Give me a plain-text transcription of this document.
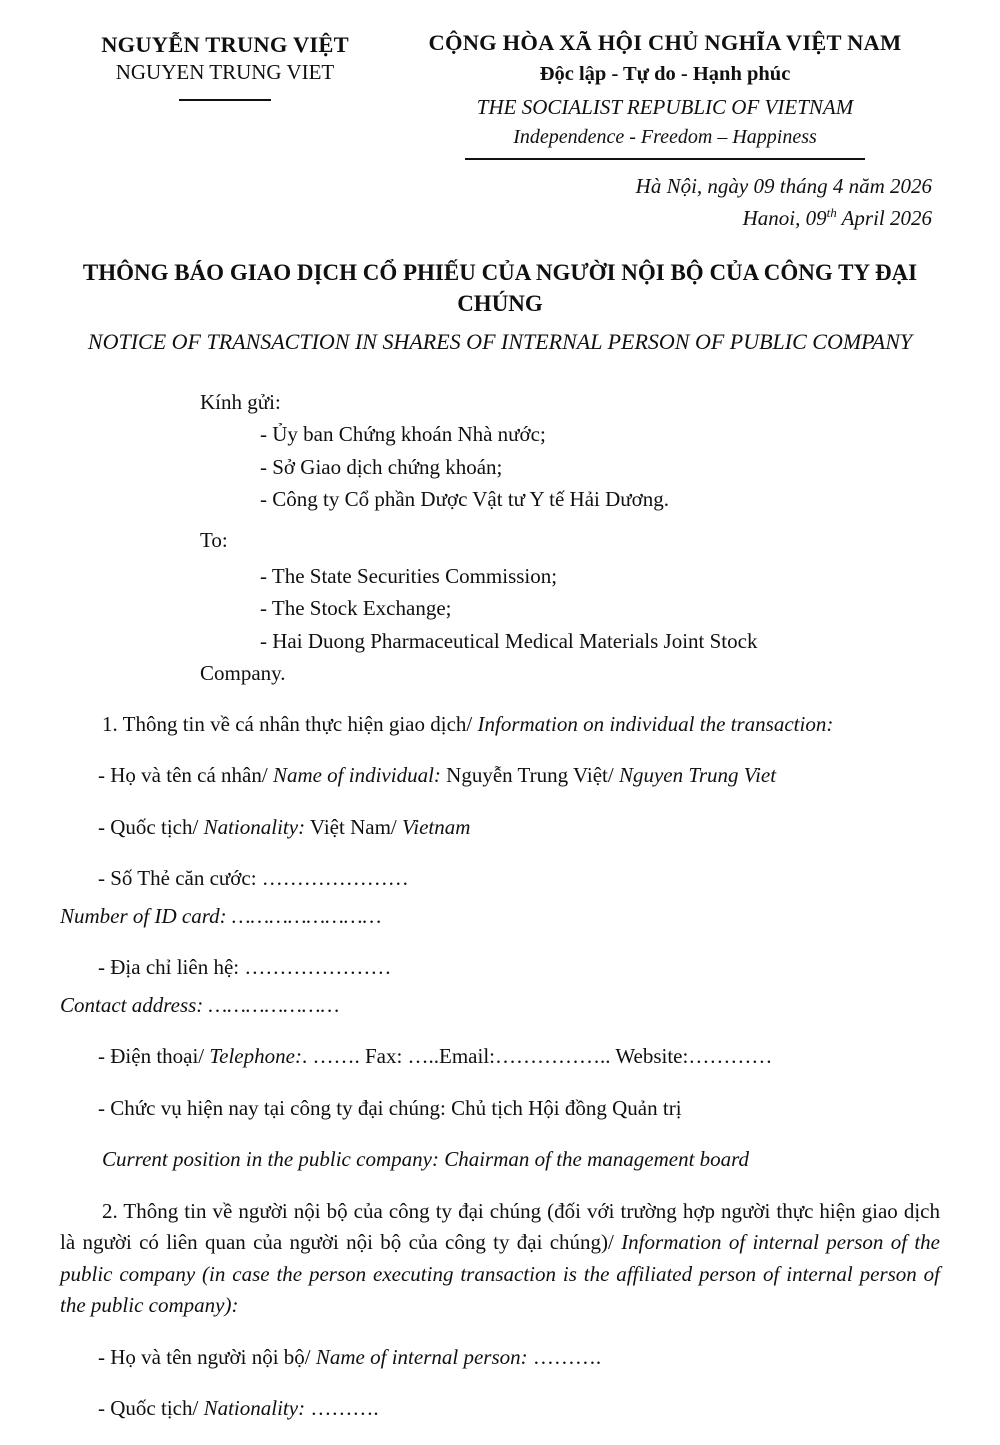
NGUYỄN TRUNG VIỆT
NGUYEN TRUNG VIET
CỘNG HÒA XÃ HỘI CHỦ NGHĨA VIỆT NAM
Độc lập - Tự do - Hạnh phúc
THE SOCIALIST REPUBLIC OF VIETNAM
Independence - Freedom – Happiness
Hà Nội, ngày 09 tháng 4 năm 2026
Hanoi, 09th April 2026
THÔNG BÁO GIAO DỊCH CỔ PHIẾU CỦA NGƯỜI NỘI BỘ CỦA CÔNG TY ĐẠI CHÚNG
NOTICE OF TRANSACTION IN SHARES OF INTERNAL PERSON OF PUBLIC COMPANY
Kính gửi:
- Ủy ban Chứng khoán Nhà nước;
- Sở Giao dịch chứng khoán;
- Công ty Cổ phần Dược Vật tư Y tế Hải Dương.
To:
- The State Securities Commission;
- The Stock Exchange;
- Hai Duong Pharmaceutical Medical Materials Joint Stock
Company.
1. Thông tin về cá nhân thực hiện giao dịch/ Information on individual the transaction:
- Họ và tên cá nhân/ Name of individual: Nguyễn Trung Việt/ Nguyen Trung Viet
- Quốc tịch/ Nationality: Việt Nam/ Vietnam
- Số Thẻ căn cước: …………………
Number of ID card: ……………………
- Địa chỉ liên hệ: …………………
Contact address: …………………
- Điện thoại/ Telephone:. ……. Fax: …..Email:…………….. Website:…………
- Chức vụ hiện nay tại công ty đại chúng: Chủ tịch Hội đồng Quản trị
Current position in the public company: Chairman of the management board
2. Thông tin về người nội bộ của công ty đại chúng (đối với trường hợp người thực hiện giao dịch là người có liên quan của người nội bộ của công ty đại chúng)/ Information of internal person of the public company (in case the person executing transaction is the affiliated person of internal person of the public company):
- Họ và tên người nội bộ/ Name of internal person: ……….
- Quốc tịch/ Nationality: ……….
